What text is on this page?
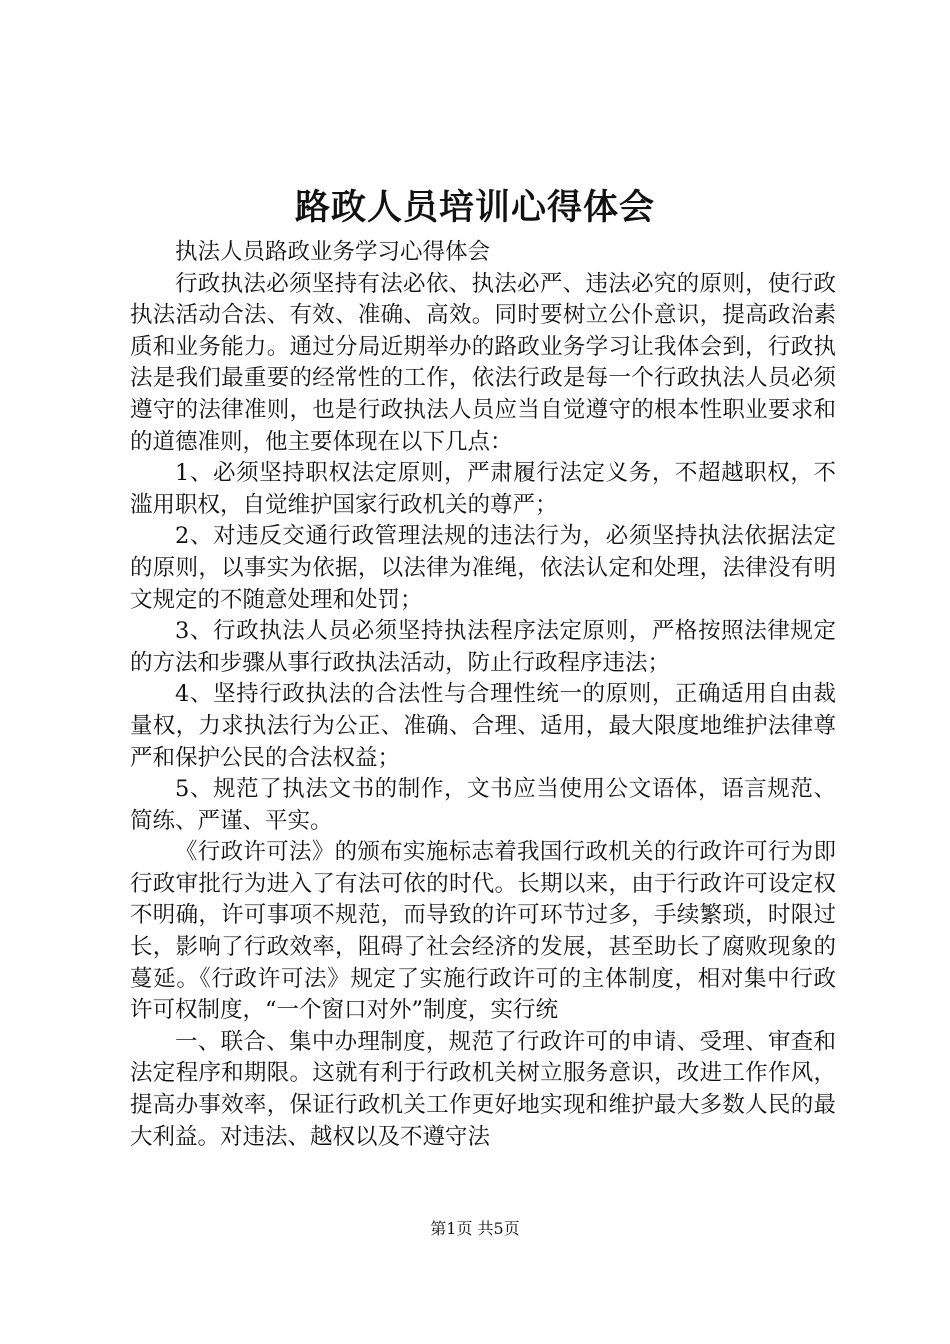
路政人员培训心得体会

执法人员路政业务学习心得体会

行政执法必须坚持有法必依、执法必严、违法必究的原则，使行政执法活动合法、有效、准确、高效。同时要树立公仆意识，提高政治素质和业务能力。通过分局近期举办的路政业务学习让我体会到，行政执法是我们最重要的经常性的工作，依法行政是每一个行政执法人员必须遵守的法律准则，也是行政执法人员应当自觉遵守的根本性职业要求和的道德准则，他主要体现在以下几点：

1、必须坚持职权法定原则，严肃履行法定义务，不超越职权，不滥用职权，自觉维护国家行政机关的尊严；

2、对违反交通行政管理法规的违法行为，必须坚持执法依据法定的原则，以事实为依据，以法律为准绳，依法认定和处理，法律没有明文规定的不随意处理和处罚；

3、行政执法人员必须坚持执法程序法定原则，严格按照法律规定的方法和步骤从事行政执法活动，防止行政程序违法；

4、坚持行政执法的合法性与合理性统一的原则，正确适用自由裁量权，力求执法行为公正、准确、合理、适用，最大限度地维护法律尊严和保护公民的合法权益；

5、规范了执法文书的制作，文书应当使用公文语体，语言规范、简练、严谨、平实。

《行政许可法》的颁布实施标志着我国行政机关的行政许可行为即行政审批行为进入了有法可依的时代。长期以来，由于行政许可设定权不明确，许可事项不规范，而导致的许可环节过多，手续繁琐，时限过长，影响了行政效率，阻碍了社会经济的发展，甚至助长了腐败现象的蔓延。《行政许可法》规定了实施行政许可的主体制度，相对集中行政许可权制度，“一个窗口对外”制度，实行统

一、联合、集中办理制度，规范了行政许可的申请、受理、审查和法定程序和期限。这就有利于行政机关树立服务意识，改进工作作风，提高办事效率，保证行政机关工作更好地实现和维护最大多数人民的最大利益。对违法、越权以及不遵守法

第1页 共5页
